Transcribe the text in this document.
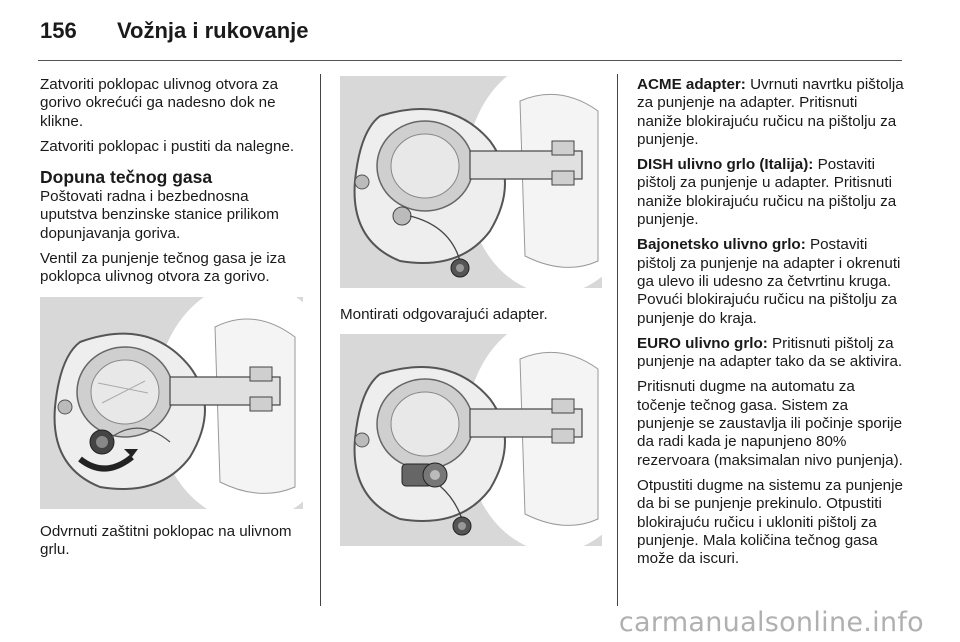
156 Vožnja i rukovanje

Zatvoriti poklopac ulivnog otvora za gorivo okrećući ga nadesno dok ne klikne.

Zatvoriti poklopac i pustiti da nalegne.

Dopuna tečnog gasa

Poštovati radna i bezbednosna uputstva benzinske stanice prilikom dopunjavanja goriva.

Ventil za punjenje tečnog gasa je iza poklopca ulivnog otvora za gorivo.

Odvrnuti zaštitni poklopac na ulivnom grlu.

Montirati odgovarajući adapter.

ACME adapter: Uvrnuti navrtku pištolja za punjenje na adapter. Pritisnuti naniže blokirajuću ručicu na pištolju za punjenje.

DISH ulivno grlo (Italija): Postaviti pištolj za punjenje u adapter. Pritisnuti naniže blokirajuću ručicu na pištolju za punjenje.

Bajonetsko ulivno grlo: Postaviti pištolj za punjenje na adapter i okrenuti ga ulevo ili udesno za četvrtinu kruga. Povući blokirajuću ručicu na pištolju za punjenje do kraja.

EURO ulivno grlo: Pritisnuti pištolj za punjenje na adapter tako da se aktivira.

Pritisnuti dugme na automatu za točenje tečnog gasa. Sistem za punjenje se zaustavlja ili počinje sporije da radi kada je napunjeno 80% rezervoara (maksimalan nivo punjenja).

Otpustiti dugme na sistemu za punjenje da bi se punjenje prekinulo. Otpustiti blokirajuću ručicu i ukloniti pištolj za punjenje. Mala količina tečnog gasa može da iscuri.

carmanualsonline.info
